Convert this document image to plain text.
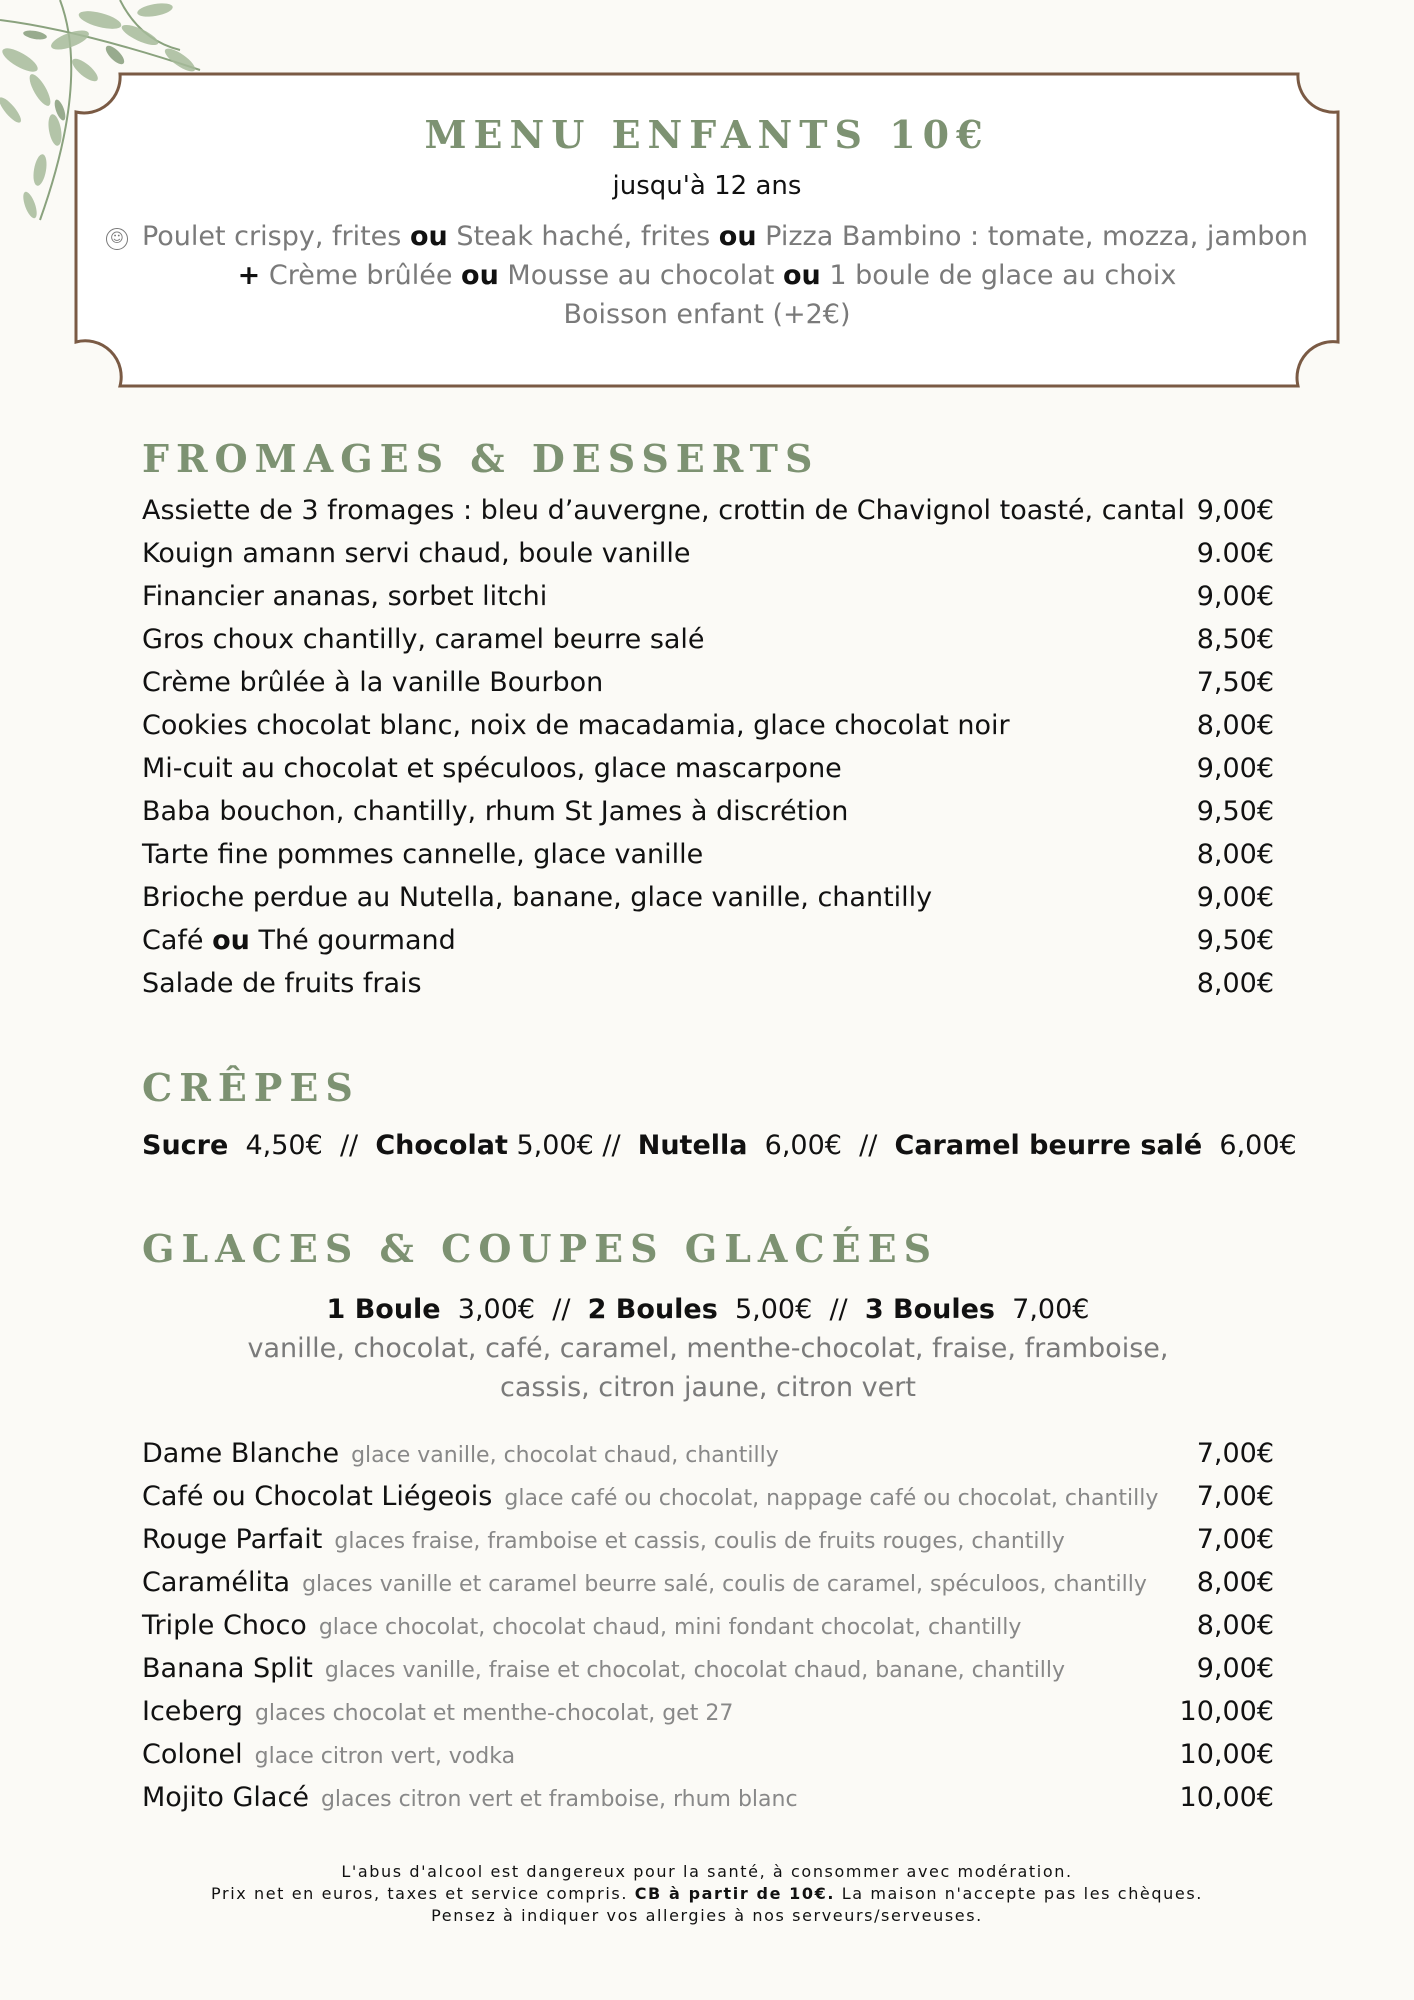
MENU ENFANTS 10€
jusqu'à 12 ans
☺ Poulet crispy, frites ou Steak haché, frites ou Pizza Bambino : tomate, mozza, jambon
+ Crème brûlée ou Mousse au chocolat ou 1 boule de glace au choix
Boisson enfant (+2€)
FROMAGES & DESSERTS
Assiette de 3 fromages : bleu d’auvergne, crottin de Chavignol toasté, cantal 9,00€
Kouign amann servi chaud, boule vanille	9.00€
Financier ananas, sorbet litchi	9,00€
Gros choux chantilly, caramel beurre salé	8,50€
Crème brûlée à la vanille Bourbon	7,50€
Cookies chocolat blanc, noix de macadamia, glace chocolat noir	8,00€
Mi-cuit au chocolat et spéculoos, glace mascarpone	9,00€
Baba bouchon, chantilly, rhum St James à discrétion	9,50€
Tarte fine pommes cannelle, glace vanille	8,00€
Brioche perdue au Nutella, banane, glace vanille, chantilly	9,00€
Café ou Thé gourmand	9,50€
Salade de fruits frais	8,00€
CRÊPES
Sucre 4,50€ // Chocolat 5,00€ // Nutella 6,00€ // Caramel beurre salé 6,00€
GLACES & COUPES GLACÉES
1 Boule 3,00€  //  2 Boules 5,00€  //  3 Boules 7,00€
vanille, chocolat, café, caramel, menthe-chocolat, fraise, framboise,
cassis, citron jaune, citron vert
Dame Blanche glace vanille, chocolat chaud, chantilly	7,00€
Café ou Chocolat Liégeois glace café ou chocolat, nappage café ou chocolat, chantilly 7,00€
Rouge Parfait glaces fraise, framboise et cassis, coulis de fruits rouges, chantilly	7,00€
Caramélita glaces vanille et caramel beurre salé, coulis de caramel, spéculoos, chantilly 8,00€
Triple Choco glace chocolat, chocolat chaud, mini fondant chocolat, chantilly	8,00€
Banana Split glaces vanille, fraise et chocolat, chocolat chaud, banane, chantilly	9,00€
Iceberg glaces chocolat et menthe-chocolat, get 27	10,00€
Colonel glace citron vert, vodka	10,00€
Mojito Glacé glaces citron vert et framboise, rhum blanc	10,00€
L'abus d'alcool est dangereux pour la santé, à consommer avec modération.
Prix net en euros, taxes et service compris. CB à partir de 10€. La maison n'accepte pas les chèques.
Pensez à indiquer vos allergies à nos serveurs/serveuses.
